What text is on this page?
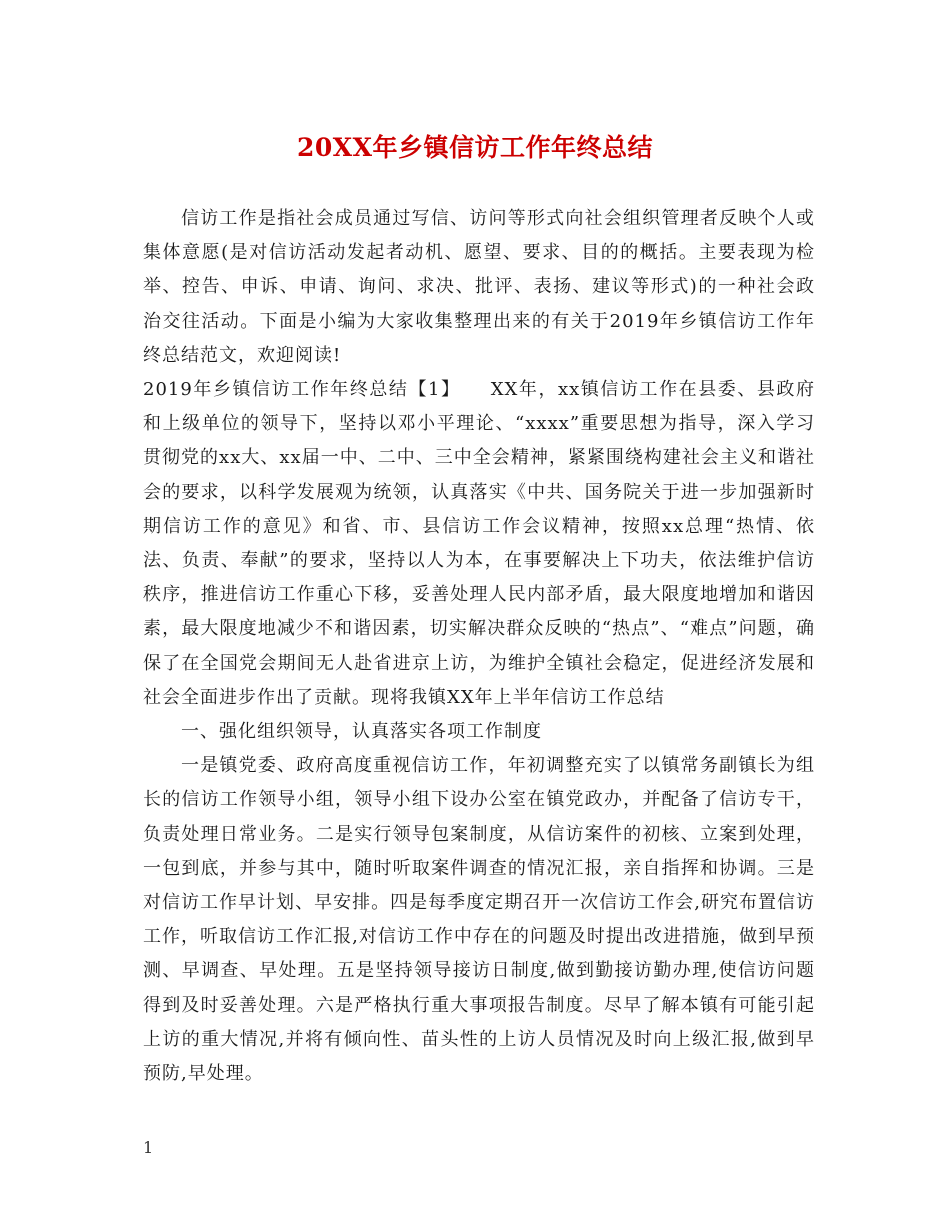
20XX年乡镇信访工作年终总结

信访工作是指社会成员通过写信、访问等形式向社会组织管理者反映个人或集体意愿(是对信访活动发起者动机、愿望、要求、目的的概括。主要表现为检举、控告、申诉、申请、询问、求决、批评、表扬、建议等形式)的一种社会政治交往活动。下面是小编为大家收集整理出来的有关于2019年乡镇信访工作年终总结范文，欢迎阅读!

2019年乡镇信访工作年终总结【1】　　XX年，xx镇信访工作在县委、县政府和上级单位的领导下，坚持以邓小平理论、“xxxx”重要思想为指导，深入学习贯彻党的xx大、xx届一中、二中、三中全会精神，紧紧围绕构建社会主义和谐社会的要求，以科学发展观为统领，认真落实《中共、国务院关于进一步加强新时期信访工作的意见》和省、市、县信访工作会议精神，按照xx总理“热情、依法、负责、奉献”的要求，坚持以人为本，在事要解决上下功夫，依法维护信访秩序，推进信访工作重心下移，妥善处理人民内部矛盾，最大限度地增加和谐因素，最大限度地减少不和谐因素，切实解决群众反映的“热点”、“难点”问题，确保了在全国党会期间无人赴省进京上访，为维护全镇社会稳定，促进经济发展和社会全面进步作出了贡献。现将我镇XX年上半年信访工作总结

一、强化组织领导，认真落实各项工作制度

一是镇党委、政府高度重视信访工作，年初调整充实了以镇常务副镇长为组长的信访工作领导小组，领导小组下设办公室在镇党政办，并配备了信访专干，负责处理日常业务。二是实行领导包案制度，从信访案件的初核、立案到处理，一包到底，并参与其中，随时听取案件调查的情况汇报，亲自指挥和协调。三是对信访工作早计划、早安排。四是每季度定期召开一次信访工作会,研究布置信访工作，听取信访工作汇报,对信访工作中存在的问题及时提出改进措施，做到早预测、早调查、早处理。五是坚持领导接访日制度,做到勤接访勤办理,使信访问题得到及时妥善处理。六是严格执行重大事项报告制度。尽早了解本镇有可能引起上访的重大情况,并将有倾向性、苗头性的上访人员情况及时向上级汇报,做到早预防,早处理。

1
